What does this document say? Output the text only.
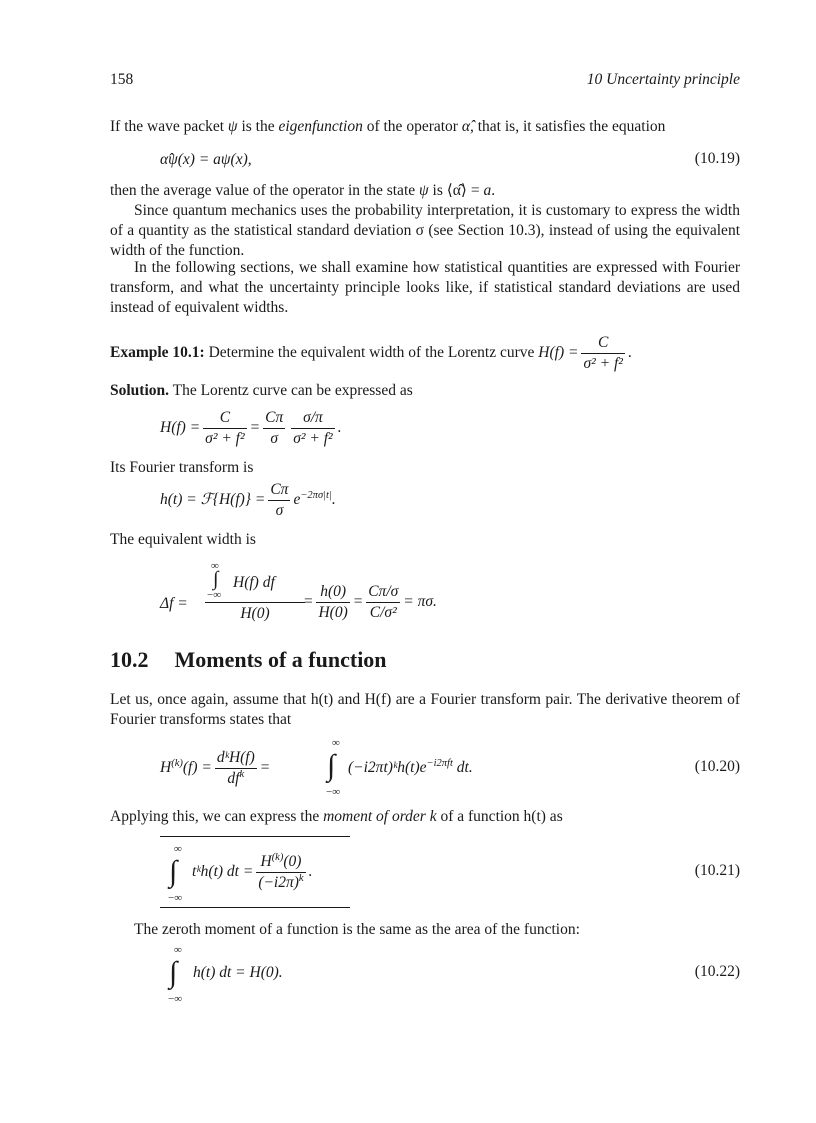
158	10 Uncertainty principle
If the wave packet ψ is the eigenfunction of the operator α̂, that is, it satisfies the equation
α̂ψ(x) = aψ(x),	(10.19)
then the average value of the operator in the state ψ is ⟨α̂⟩ = a.
Since quantum mechanics uses the probability interpretation, it is customary to express the width of a quantity as the statistical standard deviation σ (see Section 10.3), instead of using the equivalent width of the function.
In the following sections, we shall examine how statistical quantities are expressed with Fourier transform, and what the uncertainty principle looks like, if statistical standard deviations are used instead of equivalent widths.
Example 10.1: Determine the equivalent width of the Lorentz curve $H(f) = \frac{C}{\text{σ² + f²}}$ .
Solution. The Lorentz curve can be expressed as
$H(f) = \frac{C}{\text{σ² + f²}} = \frac{C\pi}{\sigma} \frac{\sigma/\pi}{\text{σ² + f²}}$ .
Its Fourier transform is
h(t) = ℱ{H(f)} = $\frac{C\pi}{\sigma} e^{-2\pi\sigma|t|}$.
The equivalent width is
Δf = ∞
∫
−∞
H(f) df
H(0)
= $\frac{h(0)}{H(0)} = \frac{C\pi/\sigma}{\text{C/σ²}} = \pi\sigma$.
10.2 Moments of a function
Let us, once again, assume that h(t) and H(f) are a Fourier transform pair. The derivative theorem of Fourier transforms states that
$H^{(k)}(f) = \frac{\text{dᵏH(f)}}{df^k}$ =
∞
∫
−∞
$(-i2\pi t)ᵏh(t)e^{-i2\pi ft}$ dt.	(10.20)
Applying this, we can express the moment of order k of a function h(t) as
∞
∫
−∞
tᵏh(t) dt = $\frac{H^{(k)}(0)}{(-i2\pi)^k}$ .	(10.21)
The zeroth moment of a function is the same as the area of the function:
∞
∫
−∞
h(t) dt = H(0).	(10.22)
